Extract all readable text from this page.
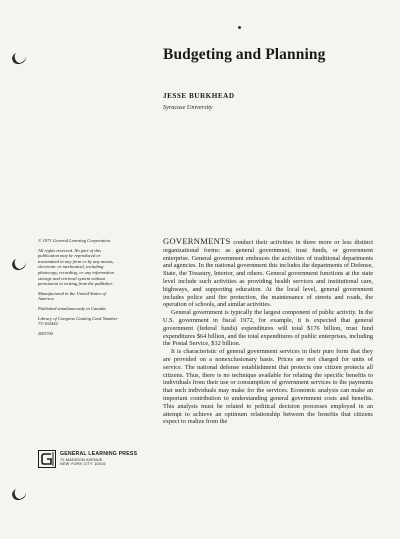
Budgeting and Planning
JESSE BURKHEAD
Syracuse University

© 1971 General Learning Corporation

All rights reserved. No part of this publication may be reproduced or transmitted in any form or by any means, electronic or mechanical, including photocopy, recording, or any information storage and retrieval system without permission in writing from the publisher.

Manufactured in the United States of America.

Published simultaneously in Canada.

Library of Congress Catalog Card Number 73-165442

2003700

GENERAL LEARNING PRESS
70 MADISON AVENUE
NEW YORK CITY 10016

GOVERNMENTS conduct their activities in three more or less distinct organizational forms: as general government, trust funds, or government enterprise. General government embraces the activities of traditional departments and agencies. In the national government this includes the departments of Defense, State, the Treasury, Interior, and others. General government functions at the state level include such activities as providing health services and institutional care, highways, and supporting education. At the local level, general government includes police and fire protection, the maintenance of streets and roads, the operation of schools, and similar activities.

General government is typically the largest component of public activity. In the U.S. government in fiscal 1972, for example, it is expected that general government (federal funds) expenditures will total $176 billion, trust fund expenditures $64 billion, and the total expenditures of public enterprises, including the Postal Service, $32 billion.

It is characteristic of general government services in their pure form that they are provided on a nonexclusionary basis. Prices are not charged for units of service. The national defense establishment that protects one citizen protects all citizens. Thus, there is no technique available for relating the specific benefits to individuals from their use or consumption of government services to the payments that such individuals may make for the services. Economic analysis can make an important contribution to understanding general government costs and benefits. This analysis must be related to political decision processes employed in an attempt to achieve an optimum relationship between the benefits that citizens expect to realize from the
